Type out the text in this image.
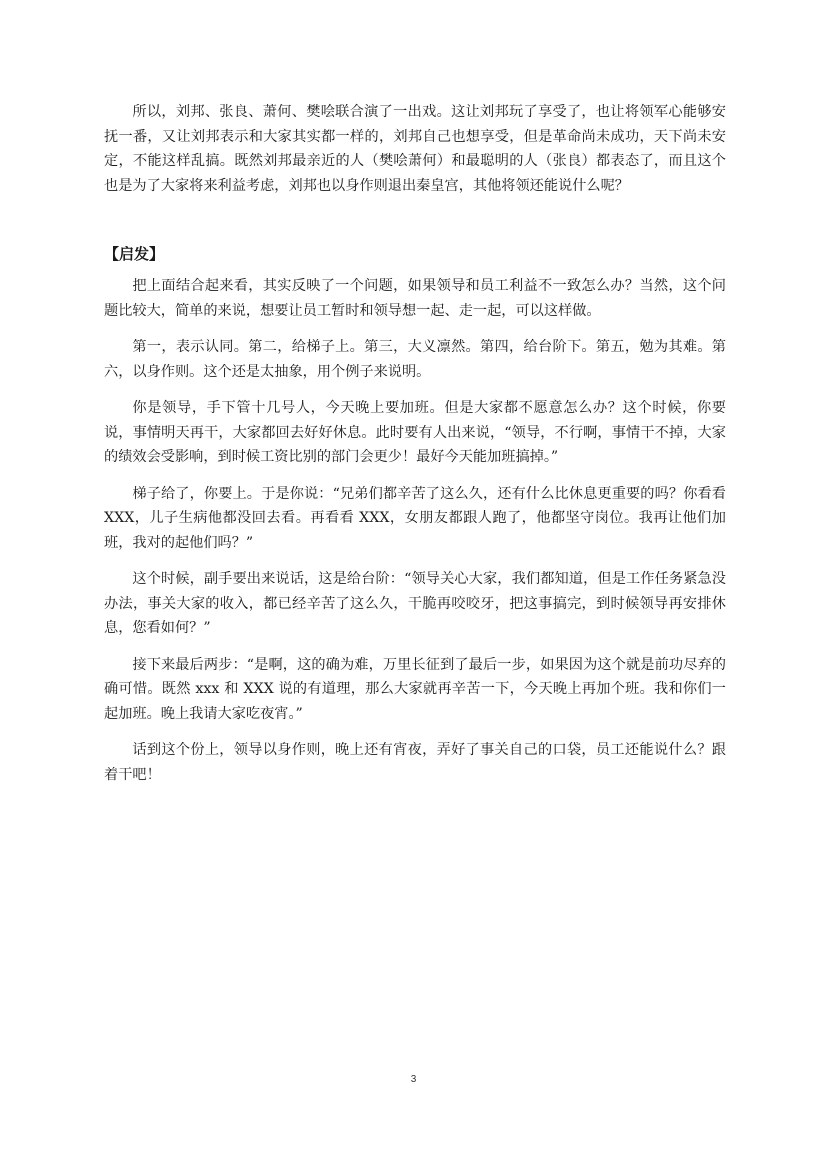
所以，刘邦、张良、萧何、樊哙联合演了一出戏。这让刘邦玩了享受了，也让将领军心能够安抚一番，又让刘邦表示和大家其实都一样的，刘邦自己也想享受，但是革命尚未成功，天下尚未安定，不能这样乱搞。既然刘邦最亲近的人（樊哙萧何）和最聪明的人（张良）都表态了，而且这个也是为了大家将来利益考虑，刘邦也以身作则退出秦皇宫，其他将领还能说什么呢？

【启发】

把上面结合起来看，其实反映了一个问题，如果领导和员工利益不一致怎么办？当然，这个问题比较大，简单的来说，想要让员工暂时和领导想一起、走一起，可以这样做。

第一，表示认同。第二，给梯子上。第三，大义凛然。第四，给台阶下。第五，勉为其难。第六，以身作则。这个还是太抽象，用个例子来说明。

你是领导，手下管十几号人，今天晚上要加班。但是大家都不愿意怎么办？这个时候，你要说，事情明天再干，大家都回去好好休息。此时要有人出来说，“领导，不行啊，事情干不掉，大家的绩效会受影响，到时候工资比别的部门会更少！最好今天能加班搞掉。”

梯子给了，你要上。于是你说：“兄弟们都辛苦了这么久，还有什么比休息更重要的吗？你看看 XXX，儿子生病他都没回去看。再看看 XXX，女朋友都跟人跑了，他都坚守岗位。我再让他们加班，我对的起他们吗？”

这个时候，副手要出来说话，这是给台阶：“领导关心大家，我们都知道，但是工作任务紧急没办法，事关大家的收入，都已经辛苦了这么久，干脆再咬咬牙，把这事搞完，到时候领导再安排休息，您看如何？”

接下来最后两步：“是啊，这的确为难，万里长征到了最后一步，如果因为这个就是前功尽弃的确可惜。既然 xxx 和 XXX 说的有道理，那么大家就再辛苦一下，今天晚上再加个班。我和你们一起加班。晚上我请大家吃夜宵。”

话到这个份上，领导以身作则，晚上还有宵夜，弄好了事关自己的口袋，员工还能说什么？跟着干吧！

3
